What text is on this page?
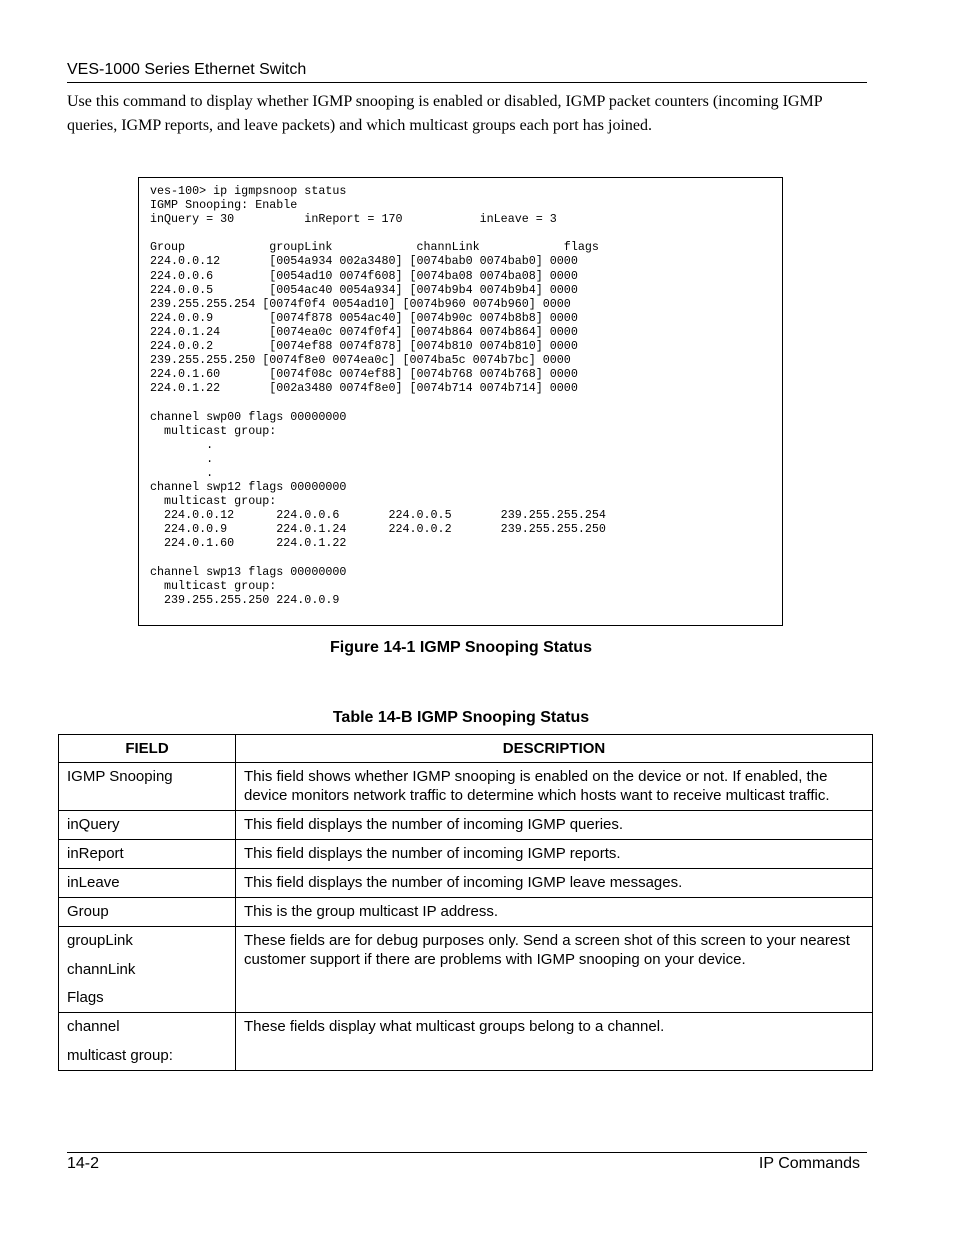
VES-1000 Series Ethernet Switch

Use this command to display whether IGMP snooping is enabled or disabled, IGMP packet counters (incoming IGMP queries, IGMP reports, and leave packets) and which multicast groups each port has joined.

ves-100> ip igmpsnoop status
IGMP Snooping: Enable
inQuery = 30          inReport = 170           inLeave = 3

Group            groupLink            channLink            flags
224.0.0.12       [0054a934 002a3480] [0074bab0 0074bab0] 0000
224.0.0.6        [0054ad10 0074f608] [0074ba08 0074ba08] 0000
224.0.0.5        [0054ac40 0054a934] [0074b9b4 0074b9b4] 0000
239.255.255.254 [0074f0f4 0054ad10] [0074b960 0074b960] 0000
224.0.0.9        [0074f878 0054ac40] [0074b90c 0074b8b8] 0000
224.0.1.24       [0074ea0c 0074f0f4] [0074b864 0074b864] 0000
224.0.0.2        [0074ef88 0074f878] [0074b810 0074b810] 0000
239.255.255.250 [0074f8e0 0074ea0c] [0074ba5c 0074b7bc] 0000
224.0.1.60       [0074f08c 0074ef88] [0074b768 0074b768] 0000
224.0.1.22       [002a3480 0074f8e0] [0074b714 0074b714] 0000

channel swp00 flags 00000000
multicast group:
.
.
.
channel swp12 flags 00000000
multicast group:
224.0.0.12      224.0.0.6       224.0.0.5       239.255.255.254
224.0.0.9       224.0.1.24      224.0.0.2       239.255.255.250
224.0.1.60      224.0.1.22

channel swp13 flags 00000000
multicast group:
239.255.255.250 224.0.0.9

Figure 14-1 IGMP Snooping Status
Table 14-B IGMP Snooping Status
FIELD	DESCRIPTION

IGMP Snooping	This field shows whether IGMP snooping is enabled on the device or not. If enabled, the device monitors network traffic to determine which hosts want to receive multicast traffic.

inQuery	This field displays the number of incoming IGMP queries.

inReport	This field displays the number of incoming IGMP reports.

inLeave	This field displays the number of incoming IGMP leave messages.

Group	This is the group multicast IP address.

groupLink
channLink
Flags	These fields are for debug purposes only. Send a screen shot of this screen to your nearest customer support if there are problems with IGMP snooping on your device.

channel
multicast group:	These fields display what multicast groups belong to a channel.
14-2	IP Commands
